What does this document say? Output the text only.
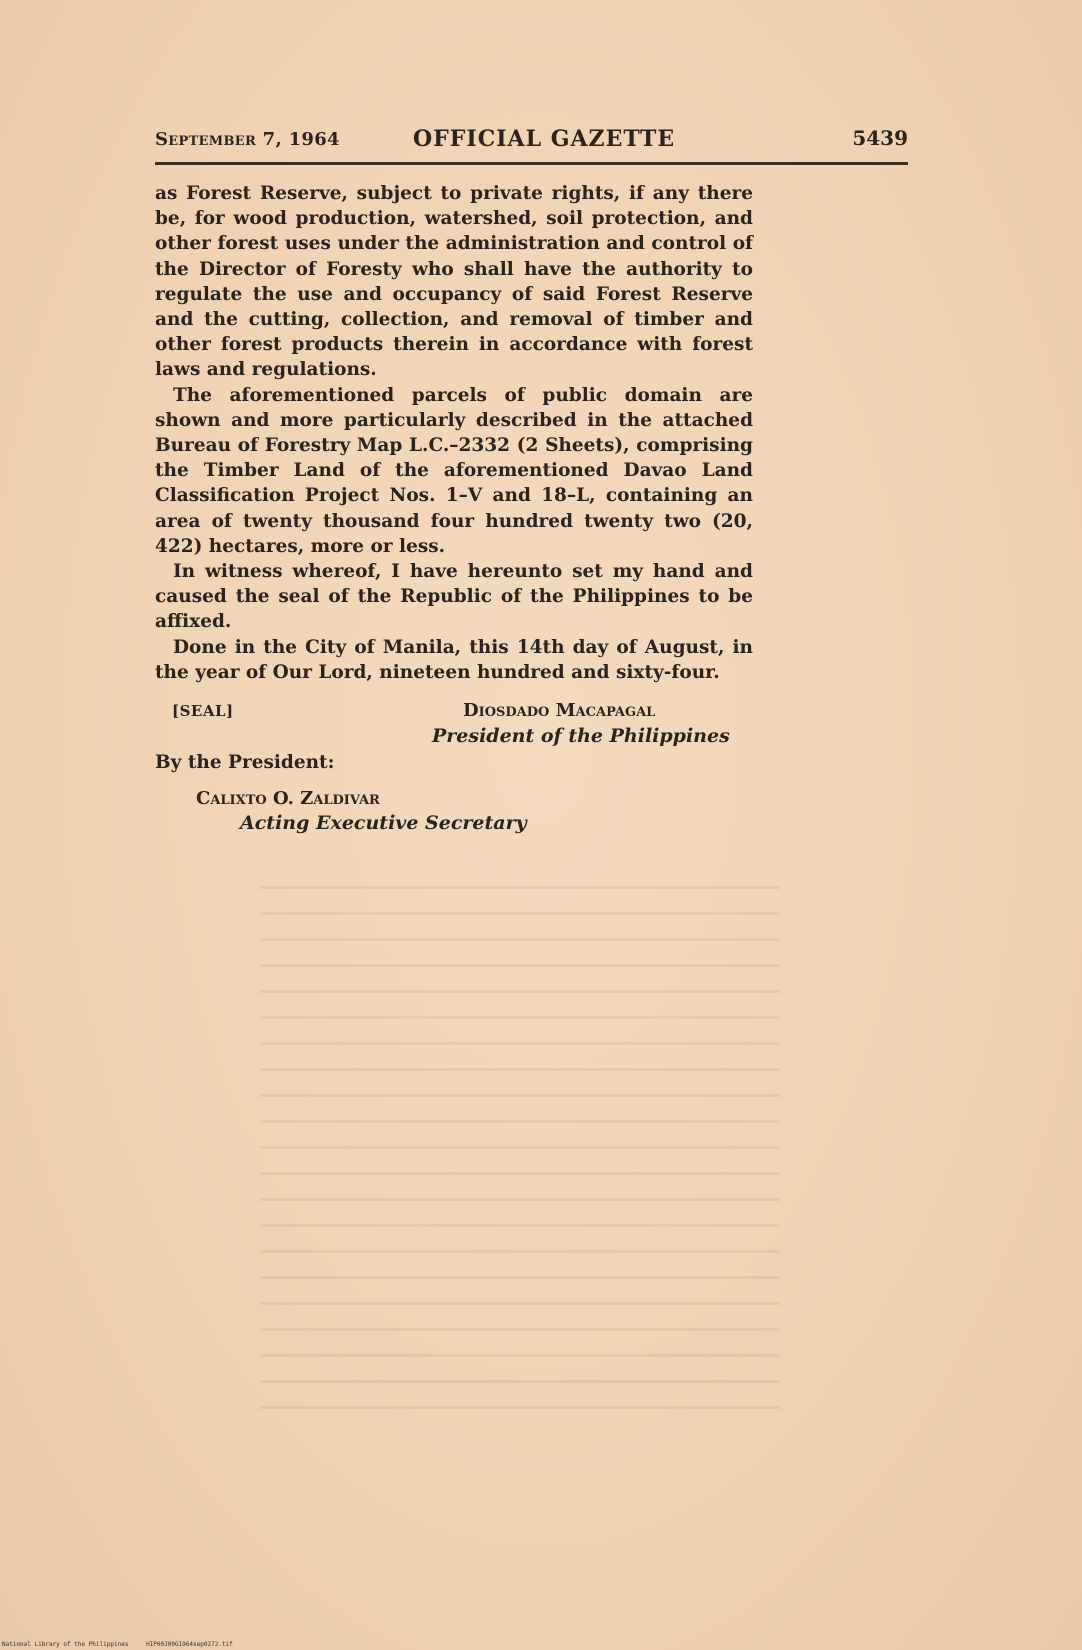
September 7, 1964	OFFICIAL GAZETTE	5439

as Forest Reserve, subject to private rights, if any there be, for wood production, watershed, soil protection, and other forest uses under the administration and control of the Director of Foresty who shall have the authority to regulate the use and occupancy of said Forest Reserve and the cutting, collection, and removal of timber and other forest products therein in accordance with forest laws and regulations.

The aforementioned parcels of public domain are shown and more particularly described in the attached Bureau of Forestry Map L.C.–2332 (2 Sheets), comprising the Timber Land of the aforementioned Davao Land Classification Project Nos. 1–V and 18–L, containing an area of twenty thousand four hundred twenty two (20, 422) hectares, more or less.

In witness whereof, I have hereunto set my hand and caused the seal of the Republic of the Philippines to be affixed.

Done in the City of Manila, this 14th day of August, in the year of Our Lord, nineteen hundred and sixty-four.

[SEAL]	Diosdado Macapagal
President of the Philippines
By the President:
Calixto O. Zaldivar
Acting Executive Secretary
National Library of the Philippines	HIP00J00G1964sep0272.tif
